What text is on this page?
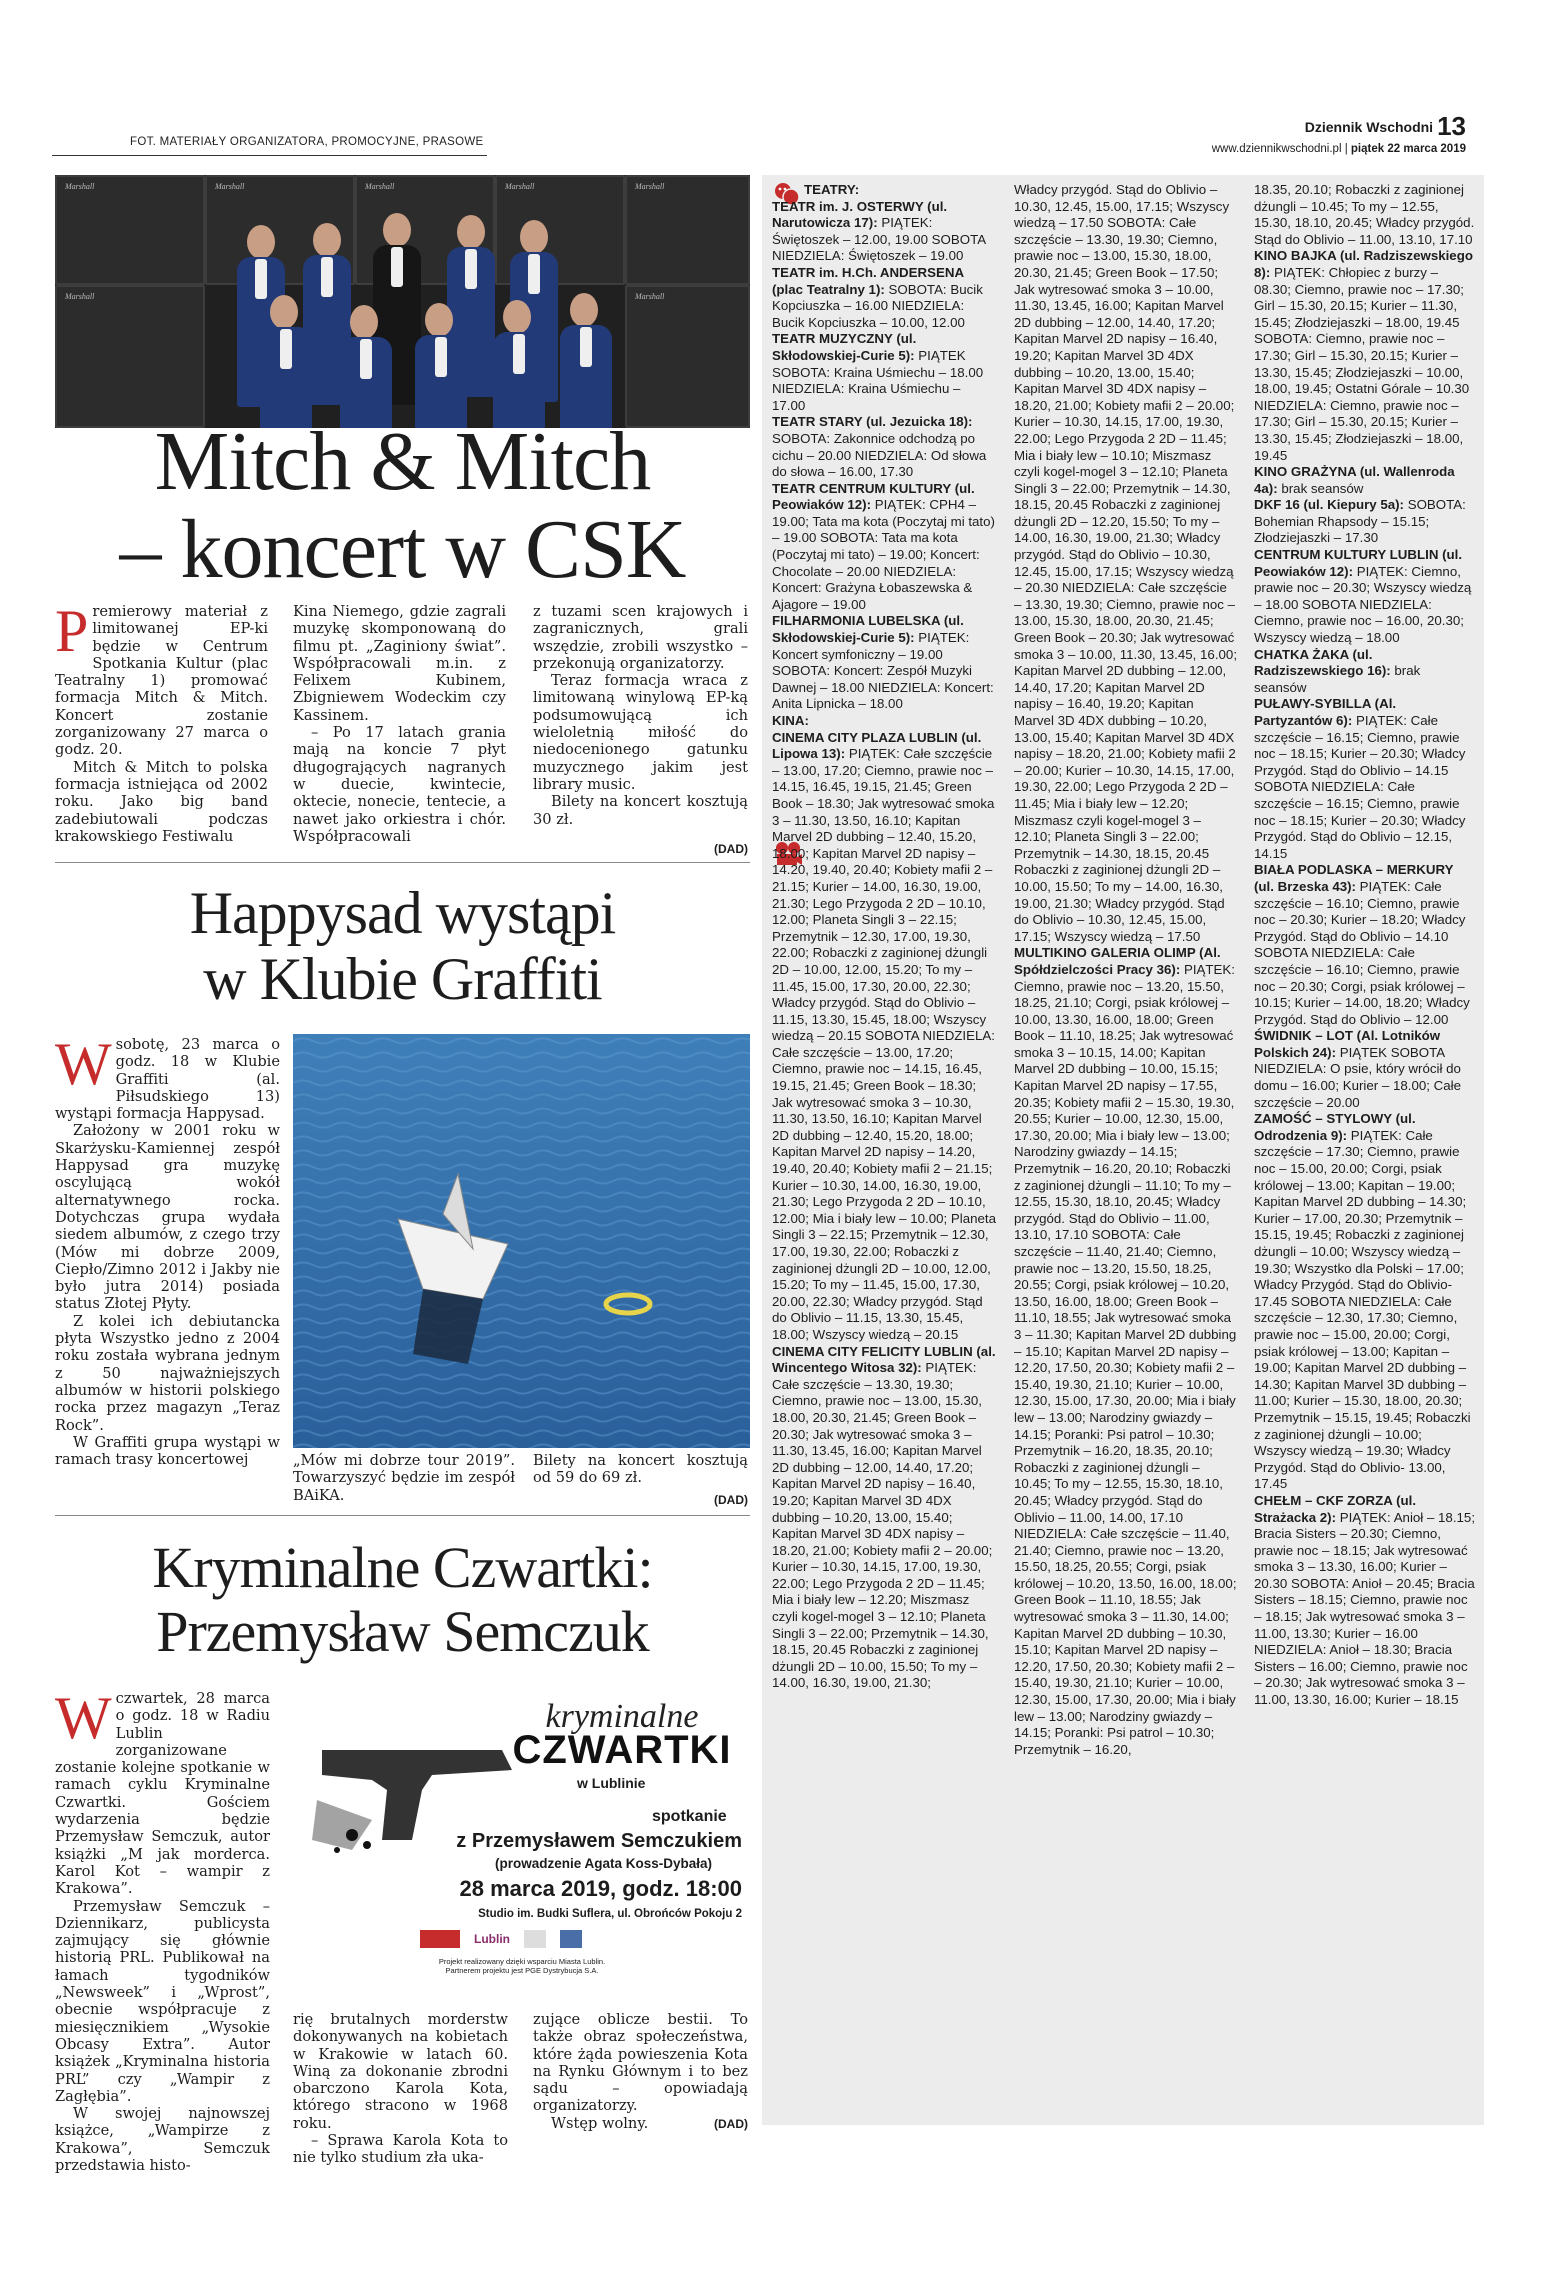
FOT. MATERIAŁY ORGANIZATORA, PROMOCYJNE, PRASOWE
Dziennik Wschodni 13
www.dziennikwschodni.pl | piątek 22 marca 2019
Marshall	Marshall	Marshall	Marshall	Marshall
Marshall	Marshall
Mitch & Mitch
– koncert w CSK

Premierowy materiał z limitowanej EP-ki będzie w Centrum Spotkania Kultur (plac Teatralny 1) promować formacja Mitch & Mitch. Koncert zostanie zorganizowany 27 marca o godz. 20.

Mitch & Mitch to polska formacja istniejąca od 2002 roku. Jako big band zadebiutowali podczas krakowskiego Festiwalu

Kina Niemego, gdzie zagrali muzykę skomponowaną do filmu pt. „Zaginiony świat”. Współpracowali m.in. z Felixem Kubinem, Zbigniewem Wodeckim czy Kassinem.

– Po 17 latach grania mają na koncie 7 płyt długogrających nagranych w duecie, kwintecie, oktecie, nonecie, tentecie, a nawet jako orkiestra i chór. Współpracowali

z tuzami scen krajowych i zagranicznych, grali wszędzie, zrobili wszystko – przekonują organizatorzy.

Teraz formacja wraca z limitowaną winylową EP-ką podsumowującą ich wieloletnią miłość do niedocenionego gatunku muzycznego jakim jest library music.

Bilety na koncert kosztują 30 zł.

(DAD)
Happysad wystąpi
w Klubie Graffiti

Wsobotę, 23 marca o godz. 18 w Klubie Graffiti (al. Piłsudskiego 13) wystąpi formacja Happysad.

Założony w 2001 roku w Skarżysku-Kamiennej zespół Happysad gra muzykę oscylującą wokół alternatywnego rocka. Dotychczas grupa wydała siedem albumów, z czego trzy (Mów mi dobrze 2009, Ciepło/Zimno 2012 i Jakby nie było jutra 2014) posiada status Złotej Płyty.

Z kolei ich debiutancka płyta Wszystko jedno z 2004 roku została wybrana jednym z 50 najważniejszych albumów w historii polskiego rocka przez magazyn „Teraz Rock”.

W Graffiti grupa wystąpi w ramach trasy koncertowej	„Mów mi dobrze tour 2019”. Towarzyszyć będzie im zespół BAiKA.

Bilety na koncert kosztują od 59 do 69 zł.

(DAD)
Kryminalne Czwartki:
Przemysław Semczuk

Wczwartek, 28 marca o godz. 18 w Radiu Lublin zorganizowane zostanie kolejne spotkanie w ramach cyklu Kryminalne Czwartki. Gościem wydarzenia będzie Przemysław Semczuk, autor książki „M jak morderca. Karol Kot – wampir z Krakowa”.

Przemysław Semczuk – Dziennikarz, publicysta zajmujący się głównie historią PRL. Publikował na łamach tygodników „Newsweek” i „Wprost”, obecnie współpracuje z miesięcznikiem „Wysokie Obcasy Extra”. Autor książek „Kryminalna historia PRL” czy „Wampir z Zagłębia”.

W swojej najnowszej książce, „Wampirze z Krakowa”, Semczuk przedstawia histo-

kryminalne
CZWARTKI
w Lublinie
spotkanie
z Przemysławem Semczukiem
(prowadzenie Agata Koss-Dybała)
28 marca 2019, godz. 18:00
Studio im. Budki Suflera, ul. Obrońców Pokoju 2
Lublin
Projekt realizowany dzięki wsparciu Miasta Lublin.
Partnerem projektu jest PGE Dystrybucja S.A.

rię brutalnych morderstw dokonywanych na kobietach w Krakowie w latach 60. Winą za dokonanie zbrodni obarczono Karola Kota, którego stracono w 1968 roku.

– Sprawa Karola Kota to nie tylko studium zła uka-

zujące oblicze bestii. To także obraz społeczeństwa, które żąda powieszenia Kota na Rynku Głównym i to bez sądu – opowiadają organizatorzy.

Wstęp wolny.	(DAD)

TEATRY:
TEATR im. J. OSTERWY (ul. Narutowicza 17): PIĄTEK: Świętoszek – 12.00, 19.00 SOBOTA NIEDZIELA: Świętoszek – 19.00
TEATR im. H.Ch. ANDERSENA (plac Teatralny 1): SOBOTA: Bucik Kopciuszka – 16.00 NIEDZIELA: Bucik Kopciuszka – 10.00, 12.00
TEATR MUZYCZNY (ul. Skłodowskiej-Curie 5): PIĄTEK SOBOTA: Kraina Uśmiechu – 18.00 NIEDZIELA: Kraina Uśmiechu – 17.00
TEATR STARY (ul. Jezuicka 18): SOBOTA: Zakonnice odchodzą po cichu – 20.00 NIEDZIELA: Od słowa do słowa – 16.00, 17.30
TEATR CENTRUM KULTURY (ul. Peowiaków 12): PIĄTEK: CPH4 – 19.00; Tata ma kota (Poczytaj mi tato) – 19.00 SOBOTA: Tata ma kota (Poczytaj mi tato) – 19.00; Koncert: Chocolate – 20.00 NIEDZIELA: Koncert: Grażyna Łobaszewska & Ajagore – 19.00
FILHARMONIA LUBELSKA (ul. Skłodowskiej-Curie 5): PIĄTEK: Koncert symfoniczny – 19.00 SOBOTA: Koncert: Zespół Muzyki Dawnej – 18.00 NIEDZIELA: Koncert: Anita Lipnicka – 18.00
KINA:
CINEMA CITY PLAZA LUBLIN (ul. Lipowa 13): PIĄTEK: Całe szczęście – 13.00, 17.20; Ciemno, prawie noc – 14.15, 16.45, 19.15, 21.45; Green Book – 18.30; Jak wytresować smoka 3 – 11.30, 13.50, 16.10; Kapitan Marvel 2D dubbing – 12.40, 15.20, 18.00; Kapitan Marvel 2D napisy – 14.20, 19.40, 20.40; Kobiety mafii 2 – 21.15; Kurier – 14.00, 16.30, 19.00, 21.30; Lego Przygoda 2 2D – 10.10, 12.00; Planeta Singli 3 – 22.15; Przemytnik – 12.30, 17.00, 19.30, 22.00; Robaczki z zaginionej dżungli 2D – 10.00, 12.00, 15.20; To my – 11.45, 15.00, 17.30, 20.00, 22.30; Władcy przygód. Stąd do Oblivio – 11.15, 13.30, 15.45, 18.00; Wszyscy wiedzą – 20.15 SOBOTA NIEDZIELA: Całe szczęście – 13.00, 17.20; Ciemno, prawie noc – 14.15, 16.45, 19.15, 21.45; Green Book – 18.30; Jak wytresować smoka 3 – 10.30, 11.30, 13.50, 16.10; Kapitan Marvel 2D dubbing – 12.40, 15.20, 18.00; Kapitan Marvel 2D napisy – 14.20, 19.40, 20.40; Kobiety mafii 2 – 21.15; Kurier – 10.30, 14.00, 16.30, 19.00, 21.30; Lego Przygoda 2 2D – 10.10, 12.00; Mia i biały lew – 10.00; Planeta Singli 3 – 22.15; Przemytnik – 12.30, 17.00, 19.30, 22.00; Robaczki z zaginionej dżungli 2D – 10.00, 12.00, 15.20; To my – 11.45, 15.00, 17.30, 20.00, 22.30; Władcy przygód. Stąd do Oblivio – 11.15, 13.30, 15.45, 18.00; Wszyscy wiedzą – 20.15
CINEMA CITY FELICITY LUBLIN (al. Wincentego Witosa 32): PIĄTEK: Całe szczęście – 13.30, 19.30; Ciemno, prawie noc – 13.00, 15.30, 18.00, 20.30, 21.45; Green Book – 20.30; Jak wytresować smoka 3 – 11.30, 13.45, 16.00; Kapitan Marvel 2D dubbing – 12.00, 14.40, 17.20; Kapitan Marvel 2D napisy – 16.40, 19.20; Kapitan Marvel 3D 4DX dubbing – 10.20, 13.00, 15.40; Kapitan Marvel 3D 4DX napisy – 18.20, 21.00; Kobiety mafii 2 – 20.00; Kurier – 10.30, 14.15, 17.00, 19.30, 22.00; Lego Przygoda 2 2D – 11.45; Mia i biały lew – 12.20; Miszmasz czyli kogel-mogel 3 – 12.10; Planeta Singli 3 – 22.00; Przemytnik – 14.30, 18.15, 20.45 Robaczki z zaginionej dżungli 2D – 10.00, 15.50; To my – 14.00, 16.30, 19.00, 21.30;

Władcy przygód. Stąd do Oblivio – 10.30, 12.45, 15.00, 17.15; Wszyscy wiedzą – 17.50 SOBOTA: Całe szczęście – 13.30, 19.30; Ciemno, prawie noc – 13.00, 15.30, 18.00, 20.30, 21.45; Green Book – 17.50; Jak wytresować smoka 3 – 10.00, 11.30, 13.45, 16.00; Kapitan Marvel 2D dubbing – 12.00, 14.40, 17.20; Kapitan Marvel 2D napisy – 16.40, 19.20; Kapitan Marvel 3D 4DX dubbing – 10.20, 13.00, 15.40; Kapitan Marvel 3D 4DX napisy – 18.20, 21.00; Kobiety mafii 2 – 20.00; Kurier – 10.30, 14.15, 17.00, 19.30, 22.00; Lego Przygoda 2 2D – 11.45; Mia i biały lew – 10.10; Miszmasz czyli kogel-mogel 3 – 12.10; Planeta Singli 3 – 22.00; Przemytnik – 14.30, 18.15, 20.45 Robaczki z zaginionej dżungli 2D – 12.20, 15.50; To my – 14.00, 16.30, 19.00, 21.30; Władcy przygód. Stąd do Oblivio – 10.30, 12.45, 15.00, 17.15; Wszyscy wiedzą – 20.30 NIEDZIELA: Całe szczęście – 13.30, 19.30; Ciemno, prawie noc – 13.00, 15.30, 18.00, 20.30, 21.45; Green Book – 20.30; Jak wytresować smoka 3 – 10.00, 11.30, 13.45, 16.00; Kapitan Marvel 2D dubbing – 12.00, 14.40, 17.20; Kapitan Marvel 2D napisy – 16.40, 19.20; Kapitan Marvel 3D 4DX dubbing – 10.20, 13.00, 15.40; Kapitan Marvel 3D 4DX napisy – 18.20, 21.00; Kobiety mafii 2 – 20.00; Kurier – 10.30, 14.15, 17.00, 19.30, 22.00; Lego Przygoda 2 2D – 11.45; Mia i biały lew – 12.20; Miszmasz czyli kogel-mogel 3 – 12.10; Planeta Singli 3 – 22.00; Przemytnik – 14.30, 18.15, 20.45 Robaczki z zaginionej dżungli 2D – 10.00, 15.50; To my – 14.00, 16.30, 19.00, 21.30; Władcy przygód. Stąd do Oblivio – 10.30, 12.45, 15.00, 17.15; Wszyscy wiedzą – 17.50
MULTIKINO GALERIA OLIMP (Al. Spółdzielczości Pracy 36): PIĄTEK: Ciemno, prawie noc – 13.20, 15.50, 18.25, 21.10; Corgi, psiak królowej – 10.00, 13.30, 16.00, 18.00; Green Book – 11.10, 18.25; Jak wytresować smoka 3 – 10.15, 14.00; Kapitan Marvel 2D dubbing – 10.00, 15.15; Kapitan Marvel 2D napisy – 17.55, 20.35; Kobiety mafii 2 – 15.30, 19.30, 20.55; Kurier – 10.00, 12.30, 15.00, 17.30, 20.00; Mia i biały lew – 13.00; Narodziny gwiazdy – 14.15; Przemytnik – 16.20, 20.10; Robaczki z zaginionej dżungli – 11.10; To my – 12.55, 15.30, 18.10, 20.45; Władcy przygód. Stąd do Oblivio – 11.00, 13.10, 17.10 SOBOTA: Całe szczęście – 11.40, 21.40; Ciemno, prawie noc – 13.20, 15.50, 18.25, 20.55; Corgi, psiak królowej – 10.20, 13.50, 16.00, 18.00; Green Book – 11.10, 18.55; Jak wytresować smoka 3 – 11.30; Kapitan Marvel 2D dubbing – 15.10; Kapitan Marvel 2D napisy – 12.20, 17.50, 20.30; Kobiety mafii 2 – 15.40, 19.30, 21.10; Kurier – 10.00, 12.30, 15.00, 17.30, 20.00; Mia i biały lew – 13.00; Narodziny gwiazdy – 14.15; Poranki: Psi patrol – 10.30; Przemytnik – 16.20, 18.35, 20.10; Robaczki z zaginionej dżungli – 10.45; To my – 12.55, 15.30, 18.10, 20.45; Władcy przygód. Stąd do Oblivio – 11.00, 14.00, 17.10 NIEDZIELA: Całe szczęście – 11.40, 21.40; Ciemno, prawie noc – 13.20, 15.50, 18.25, 20.55; Corgi, psiak królowej – 10.20, 13.50, 16.00, 18.00; Green Book – 11.10, 18.55; Jak wytresować smoka 3 – 11.30, 14.00; Kapitan Marvel 2D dubbing – 10.30, 15.10; Kapitan Marvel 2D napisy – 12.20, 17.50, 20.30; Kobiety mafii 2 – 15.40, 19.30, 21.10; Kurier – 10.00, 12.30, 15.00, 17.30, 20.00; Mia i biały lew – 13.00; Narodziny gwiazdy – 14.15; Poranki: Psi patrol – 10.30; Przemytnik – 16.20,

18.35, 20.10; Robaczki z zaginionej dżungli – 10.45; To my – 12.55, 15.30, 18.10, 20.45; Władcy przygód. Stąd do Oblivio – 11.00, 13.10, 17.10
KINO BAJKA (ul. Radziszewskiego 8): PIĄTEK: Chłopiec z burzy – 08.30; Ciemno, prawie noc – 17.30; Girl – 15.30, 20.15; Kurier – 11.30, 15.45; Złodziejaszki – 18.00, 19.45 SOBOTA: Ciemno, prawie noc – 17.30; Girl – 15.30, 20.15; Kurier – 13.30, 15.45; Złodziejaszki – 10.00, 18.00, 19.45; Ostatni Górale – 10.30 NIEDZIELA: Ciemno, prawie noc – 17.30; Girl – 15.30, 20.15; Kurier – 13.30, 15.45; Złodziejaszki – 18.00, 19.45
KINO GRAŻYNA (ul. Wallenroda 4a): brak seansów
DKF 16 (ul. Kiepury 5a): SOBOTA: Bohemian Rhapsody – 15.15; Złodziejaszki – 17.30
CENTRUM KULTURY LUBLIN (ul. Peowiaków 12): PIĄTEK: Ciemno, prawie noc – 20.30; Wszyscy wiedzą – 18.00 SOBOTA NIEDZIELA: Ciemno, prawie noc – 16.00, 20.30; Wszyscy wiedzą – 18.00
CHATKA ŻAKA (ul. Radziszewskiego 16): brak seansów
PUŁAWY-SYBILLA (Al. Partyzantów 6): PIĄTEK: Całe szczęście – 16.15; Ciemno, prawie noc – 18.15; Kurier – 20.30; Władcy Przygód. Stąd do Oblivio – 14.15 SOBOTA NIEDZIELA: Całe szczęście – 16.15; Ciemno, prawie noc – 18.15; Kurier – 20.30; Władcy Przygód. Stąd do Oblivio – 12.15, 14.15
BIAŁA PODLASKA – MERKURY (ul. Brzeska 43): PIĄTEK: Całe szczęście – 16.10; Ciemno, prawie noc – 20.30; Kurier – 18.20; Władcy Przygód. Stąd do Oblivio – 14.10 SOBOTA NIEDZIELA: Całe szczęście – 16.10; Ciemno, prawie noc – 20.30; Corgi, psiak królowej – 10.15; Kurier – 14.00, 18.20; Władcy Przygód. Stąd do Oblivio – 12.00
ŚWIDNIK – LOT (Al. Lotników Polskich 24): PIĄTEK SOBOTA NIEDZIELA: O psie, który wrócił do domu – 16.00; Kurier – 18.00; Całe szczęście – 20.00
ZAMOŚĆ – STYLOWY (ul. Odrodzenia 9): PIĄTEK: Całe szczęście – 17.30; Ciemno, prawie noc – 15.00, 20.00; Corgi, psiak królowej – 13.00; Kapitan – 19.00; Kapitan Marvel 2D dubbing – 14.30; Kurier – 17.00, 20.30; Przemytnik – 15.15, 19.45; Robaczki z zaginionej dżungli – 10.00; Wszyscy wiedzą – 19.30; Wszystko dla Polski – 17.00; Władcy Przygód. Stąd do Oblivio- 17.45 SOBOTA NIEDZIELA: Całe szczęście – 12.30, 17.30; Ciemno, prawie noc – 15.00, 20.00; Corgi, psiak królowej – 13.00; Kapitan – 19.00; Kapitan Marvel 2D dubbing – 14.30; Kapitan Marvel 3D dubbing – 11.00; Kurier – 15.30, 18.00, 20.30; Przemytnik – 15.15, 19.45; Robaczki z zaginionej dżungli – 10.00; Wszyscy wiedzą – 19.30; Władcy Przygód. Stąd do Oblivio- 13.00, 17.45
CHEŁM – CKF ZORZA (ul. Strażacka 2): PIĄTEK: Anioł – 18.15; Bracia Sisters – 20.30; Ciemno, prawie noc – 18.15; Jak wytresować smoka 3 – 13.30, 16.00; Kurier – 20.30 SOBOTA: Anioł – 20.45; Bracia Sisters – 18.15; Ciemno, prawie noc – 18.15; Jak wytresować smoka 3 – 11.00, 13.30; Kurier – 16.00 NIEDZIELA: Anioł – 18.30; Bracia Sisters – 16.00; Ciemno, prawie noc – 20.30; Jak wytresować smoka 3 – 11.00, 13.30, 16.00; Kurier – 18.15
